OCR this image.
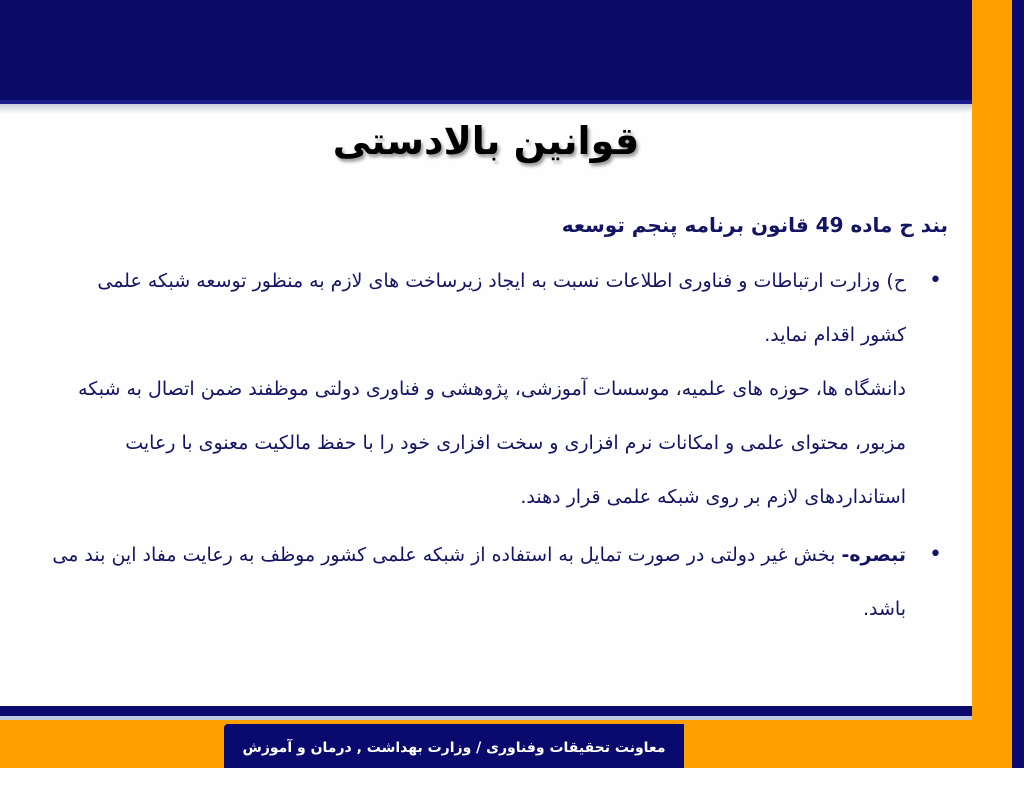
قوانین بالادستی

بند ح ماده 49 قانون برنامه پنجم توسعه

•

ح) وزارت ارتباطات و فناوری اطلاعات نسبت به ایجاد زیرساخت های لازم به منظور توسعه شبکه علمی کشور اقدام نماید.

دانشگاه ها، حوزه های علمیه، موسسات آموزشی، پژوهشی و فناوری دولتی موظفند ضمن اتصال به شبکه مزبور، محتوای علمی و امکانات نرم افزاری و سخت افزاری خود را با حفظ مالکیت معنوی با رعایت استانداردهای لازم بر روی شبکه علمی قرار دهند.

•

تبصره- بخش غیر دولتی در صورت تمایل به استفاده از شبکه علمی کشور موظف به رعایت مفاد این بند می باشد.

معاونت تحقیقات وفناوری / وزارت بهداشت , درمان و آموزش پزشکی
